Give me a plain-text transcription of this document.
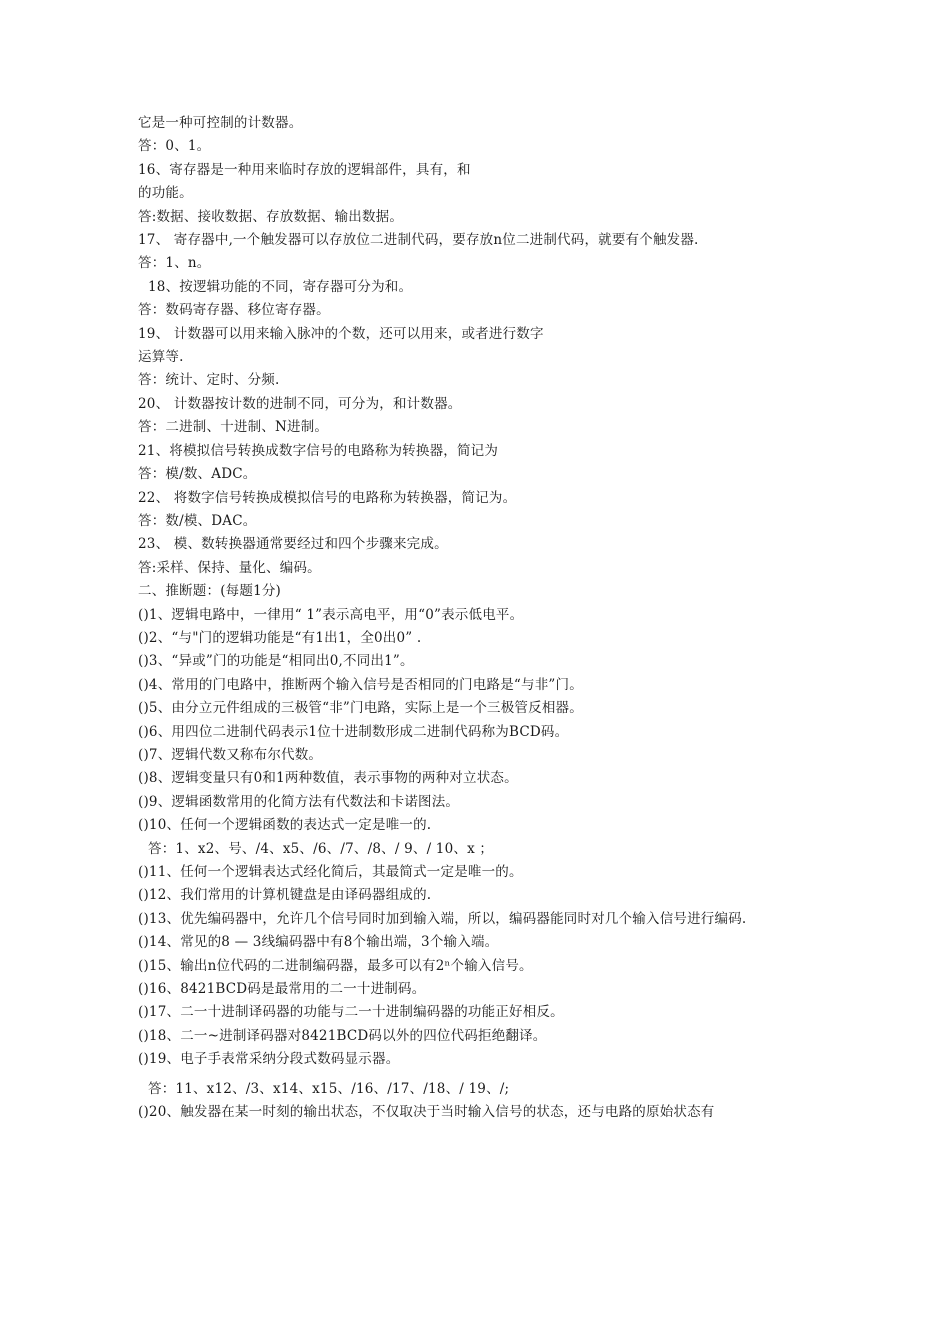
它是一种可控制的计数器。
答：0、1。
16、寄存器是一种用来临时存放的逻辑部件，具有，和
的功能。
答:数据、接收数据、存放数据、输出数据。
17、 寄存器中,一个触发器可以存放位二进制代码，要存放n位二进制代码，就要有个触发器.
答：1、n。
18、按逻辑功能的不同，寄存器可分为和。
答：数码寄存器、移位寄存器。
19、 计数器可以用来输入脉冲的个数，还可以用来，或者进行数字
运算等.
答：统计、定时、分频.
20、 计数器按计数的进制不同，可分为，和计数器。
答：二进制、十进制、N进制。
21、将模拟信号转换成数字信号的电路称为转换器，简记为
答：模/数、ADC。
22、 将数字信号转换成模拟信号的电路称为转换器，简记为。
答：数/模、DAC。
23、 模、数转换器通常要经过和四个步骤来完成。
答:采样、保持、量化、编码。
二、推断题：(每题1分)
()1、逻辑电路中，一律用“ 1”表示高电平，用“0”表示低电平。
()2、“与"门的逻辑功能是“有1出1，全0出0” .
()3、“异或”门的功能是“相同出0,不同出1”。
()4、常用的门电路中，推断两个输入信号是否相同的门电路是“与非”门。
()5、由分立元件组成的三极管“非”门电路，实际上是一个三极管反相器。
()6、用四位二进制代码表示1位十进制数形成二进制代码称为BCD码。
()7、逻辑代数又称布尔代数。
()8、逻辑变量只有0和1两种数值，表示事物的两种对立状态。
()9、逻辑函数常用的化简方法有代数法和卡诺图法。
()10、任何一个逻辑函数的表达式一定是唯一的.
答：1、x2、号、/4、x5、/6、/7、/8、/ 9、/ 10、x ；
()11、任何一个逻辑表达式经化简后，其最简式一定是唯一的。
()12、我们常用的计算机键盘是由译码器组成的.
()13、优先编码器中，允许几个信号同时加到输入端，所以，编码器能同时对几个输入信号进行编码.
()14、常见的8 — 3线编码器中有8个输出端，3个输入端。
()15、输出n位代码的二进制编码器，最多可以有2ⁿ个输入信号。
()16、8421BCD码是最常用的二一十进制码。
()17、二一十进制译码器的功能与二一十进制编码器的功能正好相反。
()18、二一~进制译码器对8421BCD码以外的四位代码拒绝翻译。
()19、电子手表常采纳分段式数码显示器。
答：11、x12、/3、x14、x15、/16、/17、/18、/ 19、/;
()20、触发器在某一时刻的输出状态，不仅取决于当时输入信号的状态，还与电路的原始状态有
